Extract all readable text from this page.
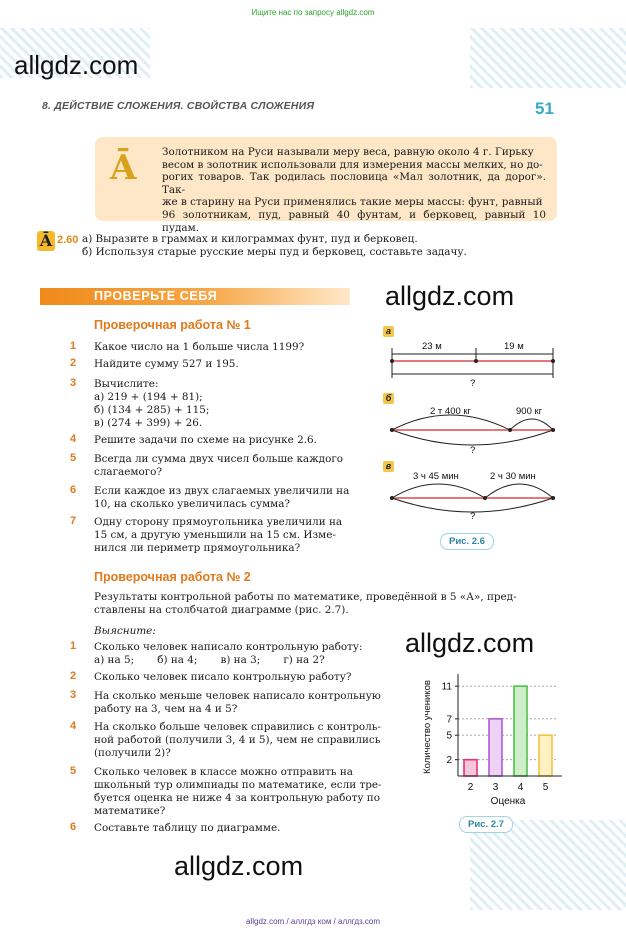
Ищите нас по запросу allgdz.com
allgdz.com
allgdz.com
allgdz.com
allgdz.com
8. ДЕЙСТВИЕ СЛОЖЕНИЯ. СВОЙСТВА СЛОЖЕНИЯ	51
Ā Золотником на Руси называли меру веса, равную около 4 г. Гирьку
весом в золотник использовали для измерения массы мелких, но до-
рогих товаров. Так родилась пословица «Мал золотник, да дорог». Так-
же в старину на Руси применялись такие меры массы: фунт, равный
96 золотникам, пуд, равный 40 фунтам, и берковец, равный 10 пудам.
Ā 2.60 а) Выразите в граммах и килограммах фунт, пуд и берковец.
б) Используя старые русские меры пуд и берковец, составьте задачу.
ПРОВЕРЬТЕ СЕБЯ
Проверочная работа № 1
1 Какое число на 1 больше числа 1199?
2 Найдите сумму 527 и 195.
3 Вычислите:
а) 219 + (194 + 81);
б) (134 + 285) + 115;
в) (274 + 399) + 26.
4 Решите задачи по схеме на рисунке 2.6.
5 Всегда ли сумма двух чисел больше каждого
слагаемого?
6 Если каждое из двух слагаемых увеличили на
10, на сколько увеличилась сумма?
7 Одну сторону прямоугольника увеличили на
15 см, а другую уменьшили на 15 см. Изме-
нился ли периметр прямоугольника?
а
23 м	19 м
?
б
2 т 400 кг	900 кг
?
в
3 ч 45 мин	2 ч 30 мин
?
Рис. 2.6
Проверочная работа № 2
Результаты контрольной работы по математике, проведённой в 5 «А», пред-
ставлены на столбчатой диаграмме (рис. 2.7).
Выясните:
1 Сколько человек написало контрольную работу:
а) на 5;       б) на 4;       в) на 3;       г) на 2?
2 Сколько человек писало контрольную работу?
3 На сколько меньше человек написало контрольную
работу на 3, чем на 4 и 5?
4 На сколько больше человек справились с контроль-
ной работой (получили 3, 4 и 5), чем не справились
(получили 2)?
5 Сколько человек в классе можно отправить на
школьный тур олимпиады по математике, если тре-
буется оценка не ниже 4 за контрольную работу по
математике?
6 Составьте таблицу по диаграмме.
2
5
7
11
2 3 4 5
Оценка
Количество учеников
Рис. 2.7
allgdz.com / аллгдз ком / аллгдз.com
